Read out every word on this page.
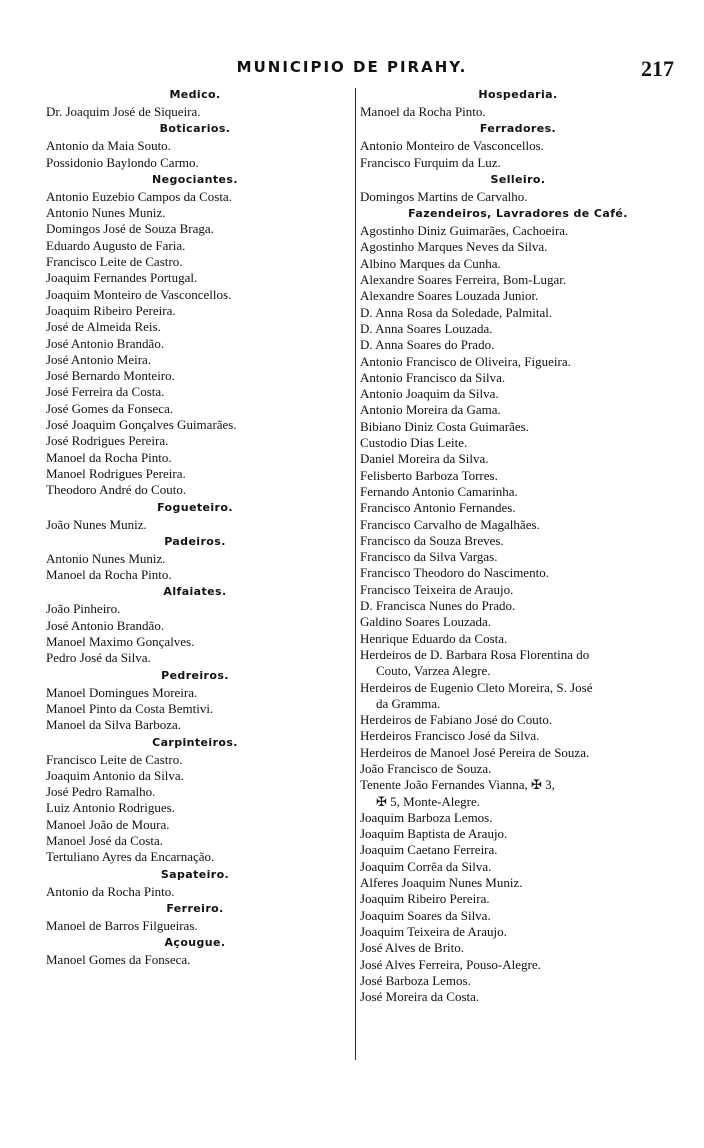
MUNICIPIO DE PIRAHY.	217
Medico.
Dr. Joaquim José de Siqueira.
Boticarios.
Antonio da Maia Souto.
Possidonio Baylondo Carmo.
Negociantes.
Antonio Euzebio Campos da Costa.
Antonio Nunes Muniz.
Domingos José de Souza Braga.
Eduardo Augusto de Faria.
Francisco Leite de Castro.
Joaquim Fernandes Portugal.
Joaquim Monteiro de Vasconcellos.
Joaquim Ribeiro Pereira.
José de Almeida Reis.
José Antonio Brandão.
José Antonio Meira.
José Bernardo Monteiro.
José Ferreira da Costa.
José Gomes da Fonseca.
José Joaquim Gonçalves Guimarães.
José Rodrigues Pereira.
Manoel da Rocha Pinto.
Manoel Rodrigues Pereira.
Theodoro André do Couto.
Fogueteiro.
João Nunes Muniz.
Padeiros.
Antonio Nunes Muniz.
Manoel da Rocha Pinto.
Alfaiates.
João Pinheiro.
José Antonio Brandão.
Manoel Maximo Gonçalves.
Pedro José da Silva.
Pedreiros.
Manoel Domingues Moreira.
Manoel Pinto da Costa Bemtivi.
Manoel da Silva Barboza.
Carpinteiros.
Francisco Leite de Castro.
Joaquim Antonio da Silva.
José Pedro Ramalho.
Luiz Antonio Rodrigues.
Manoel João de Moura.
Manoel José da Costa.
Tertuliano Ayres da Encarnação.
Sapateiro.
Antonio da Rocha Pinto.
Ferreiro.
Manoel de Barros Filgueiras.
Açougue.
Manoel Gomes da Fonseca.
Hospedaria.
Manoel da Rocha Pinto.
Ferradores.
Antonio Monteiro de Vasconcellos.
Francisco Furquim da Luz.
Selleiro.
Domingos Martins de Carvalho.
Fazendeiros, Lavradores de Café.
Agostinho Diniz Guimarães, Cachoeira.
Agostinho Marques Neves da Silva.
Albino Marques da Cunha.
Alexandre Soares Ferreira, Bom-Lugar.
Alexandre Soares Louzada Junior.
D. Anna Rosa da Soledade, Palmital.
D. Anna Soares Louzada.
D. Anna Soares do Prado.
Antonio Francisco de Oliveira, Figueira.
Antonio Francisco da Silva.
Antonio Joaquim da Silva.
Antonio Moreira da Gama.
Bibiano Diniz Costa Guimarães.
Custodio Dias Leite.
Daniel Moreira da Silva.
Felisberto Barboza Torres.
Fernando Antonio Camarinha.
Francisco Antonio Fernandes.
Francisco Carvalho de Magalhães.
Francisco da Souza Breves.
Francisco da Silva Vargas.
Francisco Theodoro do Nascimento.
Francisco Teixeira de Araujo.
D. Francisca Nunes do Prado.
Galdino Soares Louzada.
Henrique Eduardo da Costa.
Herdeiros de D. Barbara Rosa Florentina do
Couto, Varzea Alegre.
Herdeiros de Eugenio Cleto Moreira, S. José
da Gramma.
Herdeiros de Fabiano José do Couto.
Herdeiros Francisco José da Silva.
Herdeiros de Manoel José Pereira de Souza.
João Francisco de Souza.
Tenente João Fernandes Vianna, ✠ 3,
✠ 5, Monte-Alegre.
Joaquim Barboza Lemos.
Joaquim Baptista de Araujo.
Joaquim Caetano Ferreira.
Joaquim Corrêa da Silva.
Alferes Joaquim Nunes Muniz.
Joaquim Ribeiro Pereira.
Joaquim Soares da Silva.
Joaquim Teixeira de Araujo.
José Alves de Brito.
José Alves Ferreira, Pouso-Alegre.
José Barboza Lemos.
José Moreira da Costa.
